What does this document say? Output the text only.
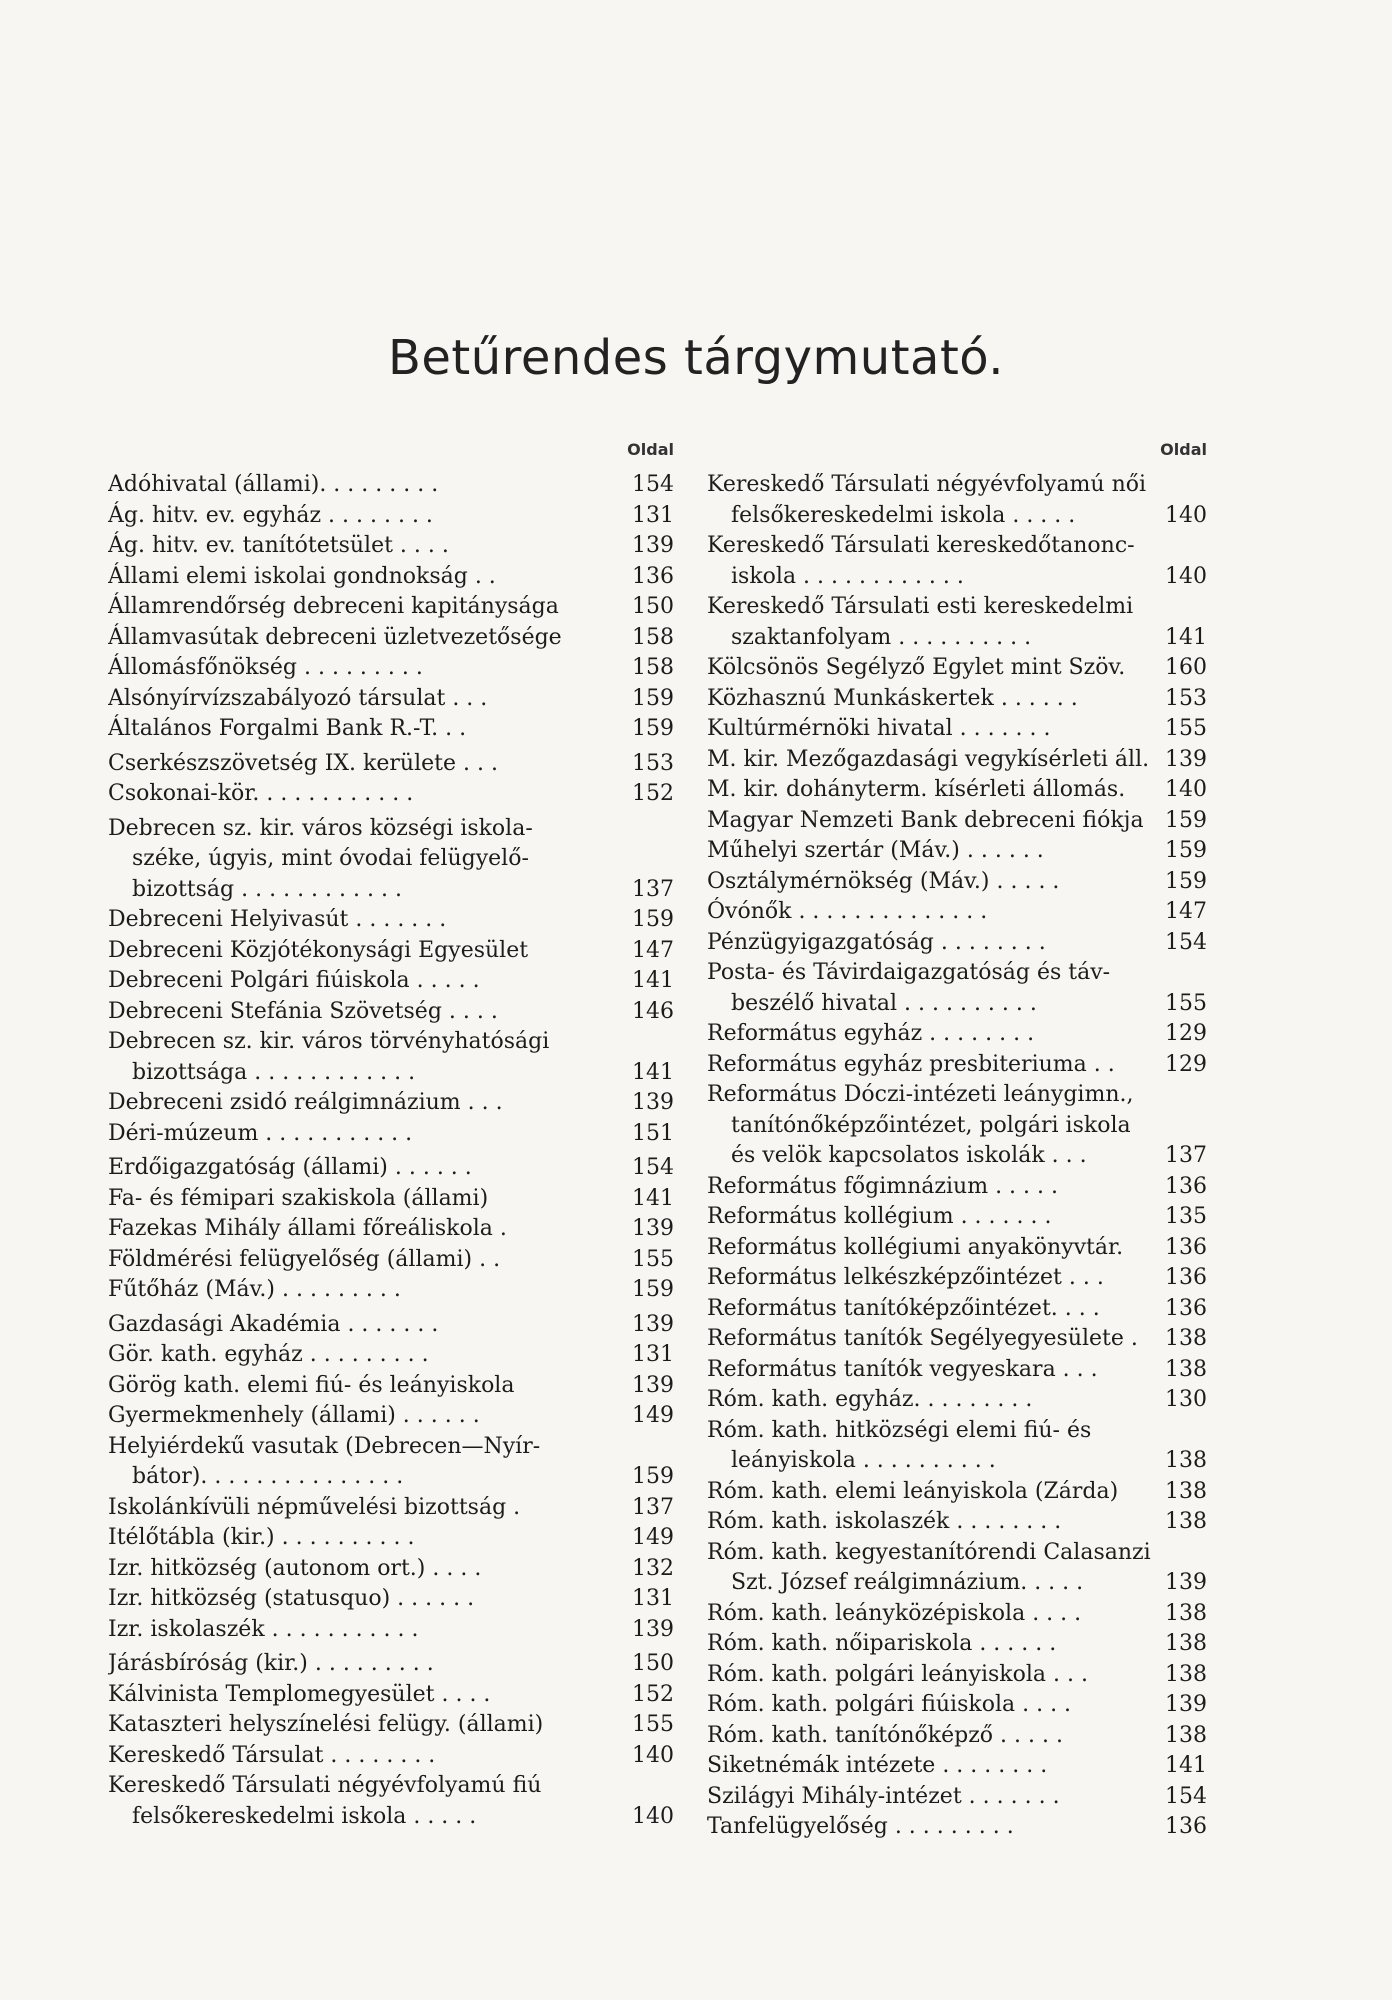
Betűrendes tárgymutató.
Oldal
Adóhivatal (állami). . . . . . . . .	154
Ág. hitv. ev. egyház . . . . . . . .	131
Ág. hitv. ev. tanítótetsület . . . .	139
Állami elemi iskolai gondnokság . .	136
Államrendőrség debreceni kapitánysága	150
Államvasútak debreceni üzletvezetősége	158
Állomásfőnökség . . . . . . . . .	158
Alsónyírvízszabályozó társulat . . .	159
Általános Forgalmi Bank R.-T. . .	159
Cserkészszövetség IX. kerülete . . .	153
Csokonai-kör. . . . . . . . . . . .	152
Debrecen sz. kir. város községi iskola-
széke, úgyis, mint óvodai felügyelő-
bizottság . . . . . . . . . . . .	137
Debreceni Helyivasút . . . . . . .	159
Debreceni Közjótékonysági Egyesület	147
Debreceni Polgári fiúiskola . . . . .	141
Debreceni Stefánia Szövetség . . . .	146
Debrecen sz. kir. város törvényhatósági
bizottsága . . . . . . . . . . . .	141
Debreceni zsidó reálgimnázium . . .	139
Déri-múzeum . . . . . . . . . . .	151
Erdőigazgatóság (állami) . . . . . .	154
Fa- és fémipari szakiskola (állami)	141
Fazekas Mihály állami főreáliskola .	139
Földmérési felügyelőség (állami) . .	155
Fűtőház (Máv.) . . . . . . . . .	159
Gazdasági Akadémia . . . . . . .	139
Gör. kath. egyház . . . . . . . . .	131
Görög kath. elemi fiú- és leányiskola	139
Gyermekmenhely (állami) . . . . . .	149
Helyiérdekű vasutak (Debrecen—Nyír-
bátor). . . . . . . . . . . . . . .	159
Iskolánkívüli népművelési bizottság .	137
Itélőtábla (kir.) . . . . . . . . . .	149
Izr. hitközség (autonom ort.) . . . .	132
Izr. hitközség (statusquo) . . . . . .	131
Izr. iskolaszék . . . . . . . . . . .	139
Járásbíróság (kir.) . . . . . . . . .	150
Kálvinista Templomegyesület . . . .	152
Kataszteri helyszínelési felügy. (állami)	155
Kereskedő Társulat . . . . . . . .	140
Kereskedő Társulati négyévfolyamú fiú
felsőkereskedelmi iskola . . . . .	140
Oldal
Kereskedő Társulati négyévfolyamú női
felsőkereskedelmi iskola . . . . .	140
Kereskedő Társulati kereskedőtanonc-
iskola . . . . . . . . . . . .	140
Kereskedő Társulati esti kereskedelmi
szaktanfolyam . . . . . . . . . .	141
Kölcsönös Segélyző Egylet mint Szöv.	160
Közhasznú Munkáskertek . . . . . .	153
Kultúrmérnöki hivatal . . . . . . .	155
M. kir. Mezőgazdasági vegykísérleti áll. 139
M. kir. dohányterm. kísérleti állomás.	140
Magyar Nemzeti Bank debreceni fiókja 159
Műhelyi szertár (Máv.) . . . . . .	159
Osztálymérnökség (Máv.) . . . . .	159
Óvónők . . . . . . . . . . . . . .	147
Pénzügyigazgatóság . . . . . . . .	154
Posta- és Távirdaigazgatóság és táv-
beszélő hivatal . . . . . . . . . .	155
Református egyház . . . . . . . .	129
Református egyház presbiteriuma . .	129
Református Dóczi-intézeti leánygimn.,
tanítónőképzőintézet, polgári iskola
és velök kapcsolatos iskolák . . .	137
Református főgimnázium . . . . .	136
Református kollégium . . . . . . .	135
Református kollégiumi anyakönyvtár.	136
Református lelkészképzőintézet . . .	136
Református tanítóképzőintézet. . . .	136
Református tanítók Segélyegyesülete .	138
Református tanítók vegyeskara . . .	138
Róm. kath. egyház. . . . . . . . .	130
Róm. kath. hitközségi elemi fiú- és
leányiskola . . . . . . . . . .	138
Róm. kath. elemi leányiskola (Zárda)	138
Róm. kath. iskolaszék . . . . . . . .	138
Róm. kath. kegyestanítórendi Calasanzi
Szt. József reálgimnázium. . . . .	139
Róm. kath. leányközépiskola . . . .	138
Róm. kath. nőipariskola . . . . . .	138
Róm. kath. polgári leányiskola . . .	138
Róm. kath. polgári fiúiskola . . . .	139
Róm. kath. tanítónőképző . . . . .	138
Siketnémák intézete . . . . . . . .	141
Szilágyi Mihály-intézet . . . . . . .	154
Tanfelügyelőség . . . . . . . . .	136
